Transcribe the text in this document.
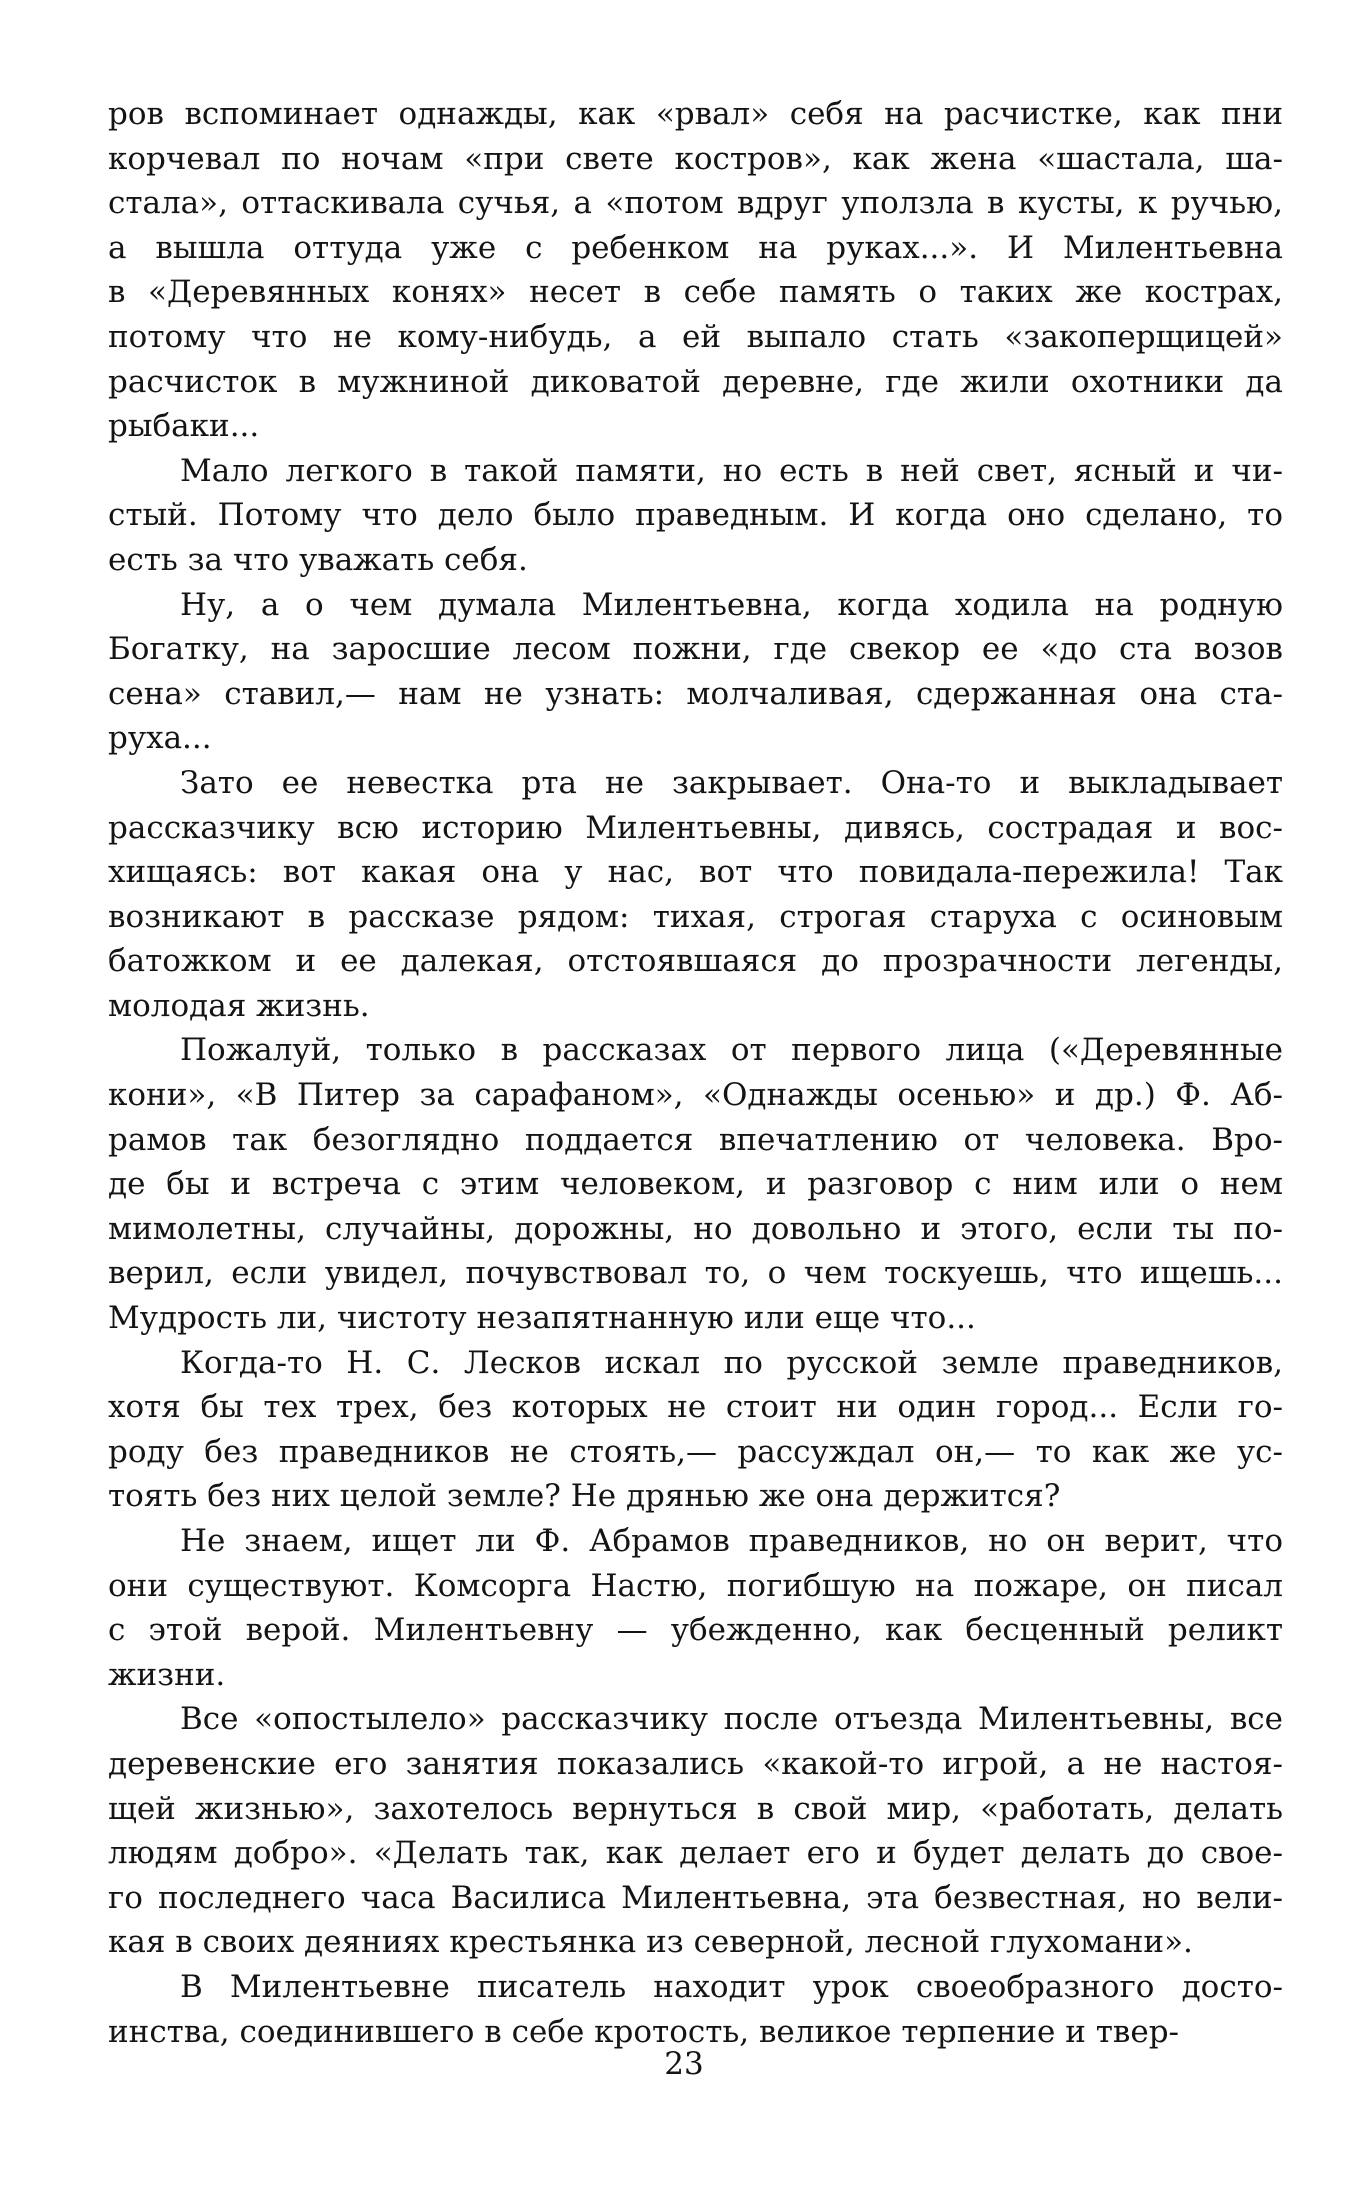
ров вспоминает однажды, как «рвал» себя на расчистке, как пни
корчевал по ночам «при свете костров», как жена «шастала, ша-
стала», оттаскивала сучья, а «потом вдруг уползла в кусты, к ручью,
а вышла оттуда уже с ребенком на руках...». И Милентьевна
в «Деревянных конях» несет в себе память о таких же кострах,
потому что не кому-нибудь, а ей выпало стать «закоперщицей»
расчисток в мужниной диковатой деревне, где жили охотники да
рыбаки...
Мало легкого в такой памяти, но есть в ней свет, ясный и чи-
стый. Потому что дело было праведным. И когда оно сделано, то
есть за что уважать себя.
Ну, а о чем думала Милентьевна, когда ходила на родную
Богатку, на заросшие лесом пожни, где свекор ее «до ста возов
сена» ставил,— нам не узнать: молчаливая, сдержанная она ста-
руха...
Зато ее невестка рта не закрывает. Она-то и выкладывает
рассказчику всю историю Милентьевны, дивясь, сострадая и вос-
хищаясь: вот какая она у нас, вот что повидала-пережила! Так
возникают в рассказе рядом: тихая, строгая старуха с осиновым
батожком и ее далекая, отстоявшаяся до прозрачности легенды,
молодая жизнь.
Пожалуй, только в рассказах от первого лица («Деревянные
кони», «В Питер за сарафаном», «Однажды осенью» и др.) Ф. Аб-
рамов так безоглядно поддается впечатлению от человека. Вро-
де бы и встреча с этим человеком, и разговор с ним или о нем
мимолетны, случайны, дорожны, но довольно и этого, если ты по-
верил, если увидел, почувствовал то, о чем тоскуешь, что ищешь...
Мудрость ли, чистоту незапятнанную или еще что...
Когда-то Н. С. Лесков искал по русской земле праведников,
хотя бы тех трех, без которых не стоит ни один город... Если го-
роду без праведников не стоять,— рассуждал он,— то как же ус-
тоять без них целой земле? Не дрянью же она держится?
Не знаем, ищет ли Ф. Абрамов праведников, но он верит, что
они существуют. Комсорга Настю, погибшую на пожаре, он писал
с этой верой. Милентьевну — убежденно, как бесценный реликт
жизни.
Все «опостылело» рассказчику после отъезда Милентьевны, все
деревенские его занятия показались «какой-то игрой, а не настоя-
щей жизнью», захотелось вернуться в свой мир, «работать, делать
людям добро». «Делать так, как делает его и будет делать до свое-
го последнего часа Василиса Милентьевна, эта безвестная, но вели-
кая в своих деяниях крестьянка из северной, лесной глухомани».
В Милентьевне писатель находит урок своеобразного досто-
инства, соединившего в себе кротость, великое терпение и твер-
23
